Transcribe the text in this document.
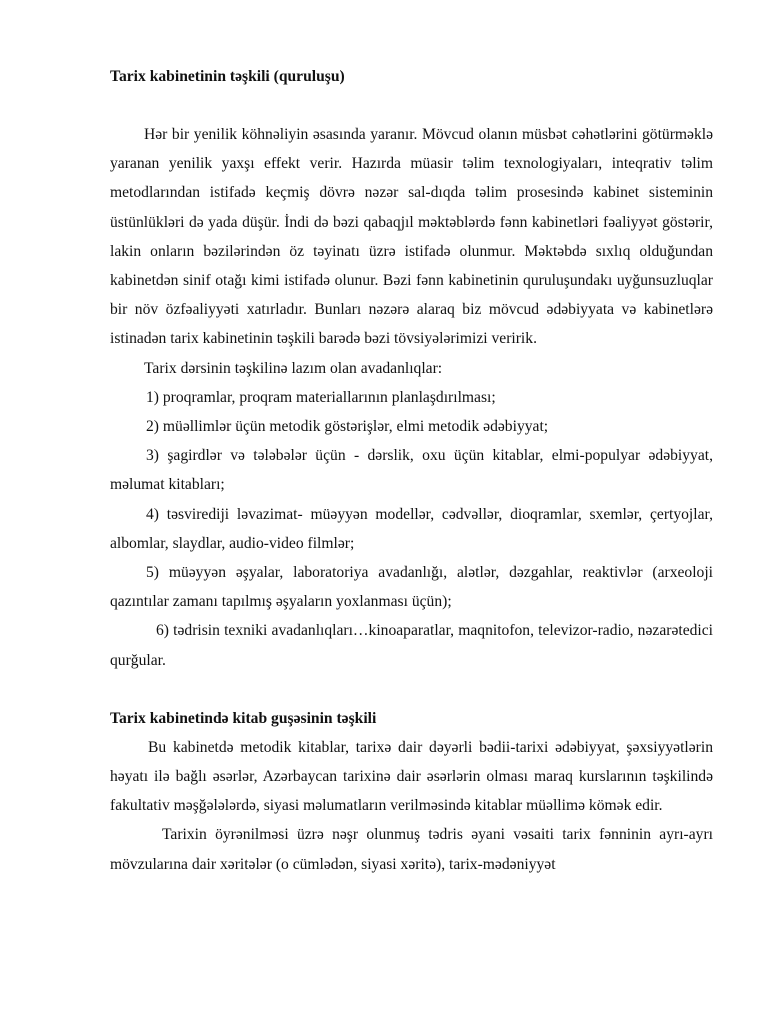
Tarix kabinetinin təşkili (quruluşu)

Hər bir yenilik köhnəliyin əsasında yaranır. Mövcud olanın müsbət cəhətlərini götürməklə yaranan yenilik yaxşı effekt verir. Hazırda müasir təlim texnologiyaları, inteqrativ təlim metodlarından istifadə keçmiş dövrə nəzər sal-dıqda təlim prosesində kabinet sisteminin üstünlükləri də yada düşür. İndi də bəzi qabaqjıl məktəblərdə fənn kabinetləri fəaliyyət göstərir, lakin onların bəzilərindən öz təyinatı üzrə istifadə olunmur. Məktəbdə sıxlıq olduğundan kabinetdən sinif otağı kimi istifadə olunur. Bəzi fənn kabinetinin quruluşundakı uyğunsuzluqlar bir növ özfəaliyyəti xatırladır. Bunları nəzərə alaraq biz mövcud ədəbiyyata və kabinetlərə istinadən tarix kabinetinin təşkili barədə bəzi tövsiyələrimizi veririk.

Tarix dərsinin təşkilinə lazım olan avadanlıqlar:

1) proqramlar, proqram materiallarının planlaşdırılması;

2) müəllimlər üçün metodik göstərişlər, elmi metodik ədəbiyyat;

3) şagirdlər və tələbələr üçün - dərslik, oxu üçün kitablar, elmi-populyar ədəbiyyat, məlumat kitabları;

4) təsvirediji ləvazimat- müəyyən modellər, cədvəllər, dioqramlar, sxemlər, çertyojlar, albomlar, slaydlar, audio-video filmlər;

5) müəyyən əşyalar, laboratoriya avadanlığı, alətlər, dəzgahlar, reaktivlər (arxeoloji qazıntılar zamanı tapılmış əşyaların yoxlanması üçün);

6) tədrisin texniki avadanlıqları…kinoaparatlar, maqnitofon, televizor-radio, nəzarətedici qurğular.

Tarix kabinetində kitab guşəsinin təşkili

Bu kabinetdə metodik kitablar, tarixə dair dəyərli bədii-tarixi ədəbiyyat, şəxsiyyətlərin həyatı ilə bağlı əsərlər, Azərbaycan tarixinə dair əsərlərin olması maraq kurslarının təşkilində fakultativ məşğələlərdə, siyasi məlumatların verilməsində kitablar müəllimə kömək edir.

Tarixin öyrənilməsi üzrə nəşr olunmuş tədris əyani vəsaiti tarix fənninin ayrı-ayrı mövzularına dair xəritələr (o cümlədən, siyasi xəritə), tarix-mədəniyyət
